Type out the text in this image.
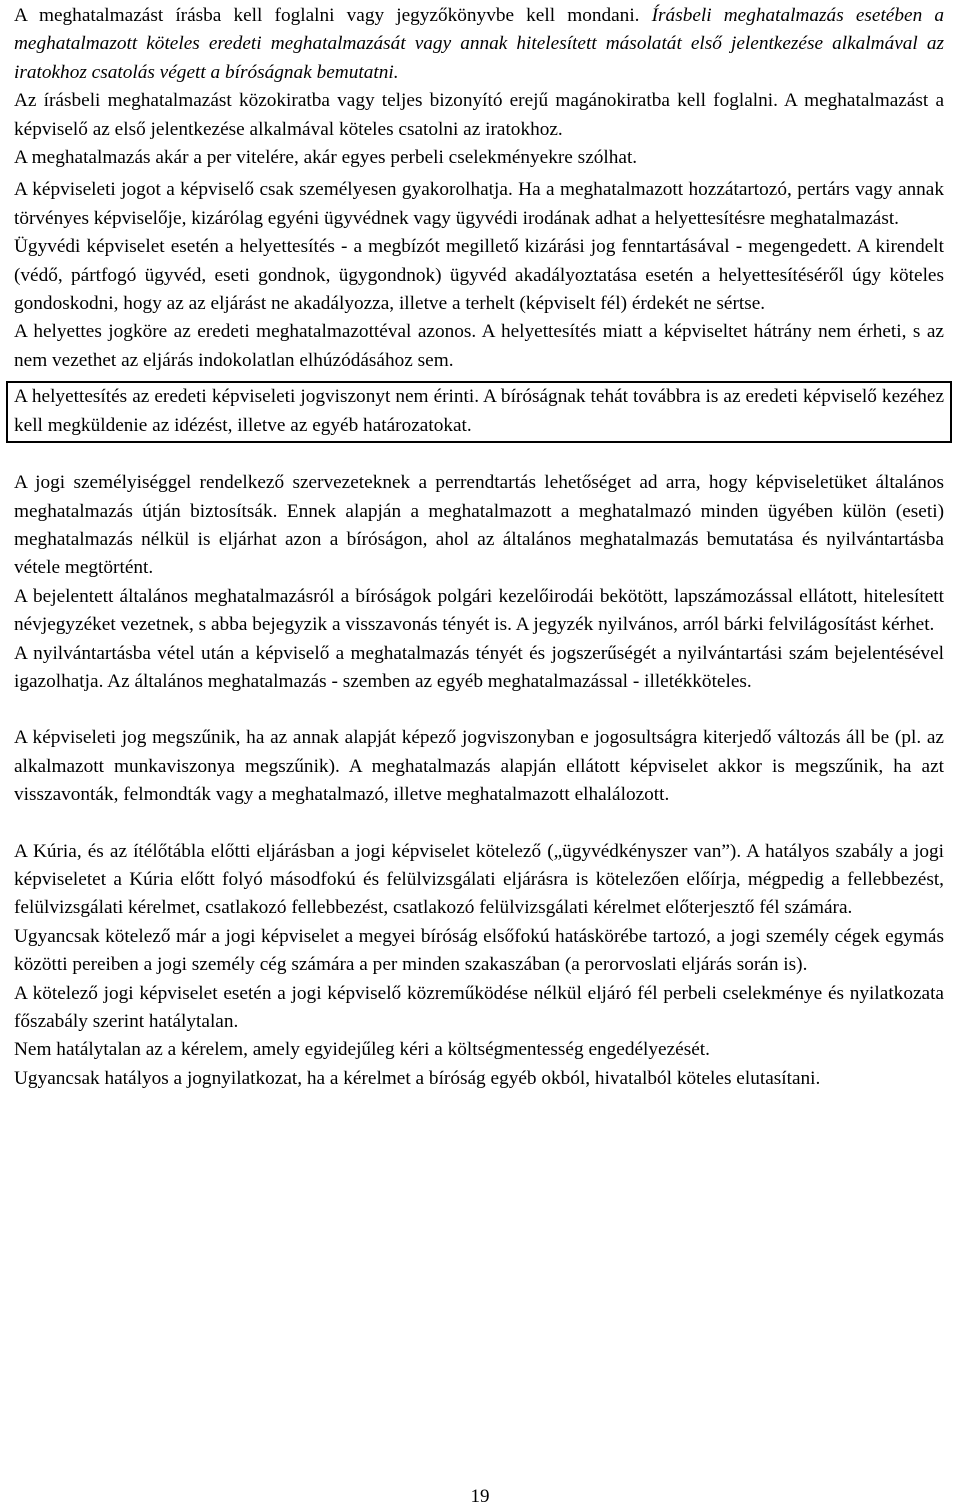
A meghatalmazást írásba kell foglalni vagy jegyzőkönyvbe kell mondani. Írásbeli meghatalmazás esetében a meghatalmazott köteles eredeti meghatalmazását vagy annak hitelesített másolatát első jelentkezése alkalmával az iratokhoz csatolás végett a bíróságnak bemutatni.

Az írásbeli meghatalmazást közokiratba vagy teljes bizonyító erejű magánokiratba kell foglalni. A meghatalmazást a képviselő az első jelentkezése alkalmával köteles csatolni az iratokhoz.

A meghatalmazás akár a per vitelére, akár egyes perbeli cselekményekre szólhat.

A képviseleti jogot a képviselő csak személyesen gyakorolhatja. Ha a meghatalmazott hozzátartozó, pertárs vagy annak törvényes képviselője, kizárólag egyéni ügyvédnek vagy ügyvédi irodának adhat a helyettesítésre meghatalmazást.

Ügyvédi képviselet esetén a helyettesítés - a megbízót megillető kizárási jog fenntartásával - megengedett. A kirendelt (védő, pártfogó ügyvéd, eseti gondnok, ügygondnok) ügyvéd akadályoztatása esetén a helyettesítéséről úgy köteles gondoskodni, hogy az az eljárást ne akadályozza, illetve a terhelt (képviselt fél) érdekét ne sértse.

A helyettes jogköre az eredeti meghatalmazottéval azonos. A helyettesítés miatt a képviseltet hátrány nem érheti, s az nem vezethet az eljárás indokolatlan elhúzódásához sem.

A helyettesítés az eredeti képviseleti jogviszonyt nem érinti. A bíróságnak tehát továbbra is az eredeti képviselő kezéhez kell megküldenie az idézést, illetve az egyéb határozatokat.

A jogi személyiséggel rendelkező szervezeteknek a perrendtartás lehetőséget ad arra, hogy képviseletüket általános meghatalmazás útján biztosítsák. Ennek alapján a meghatalmazott a meghatalmazó minden ügyében külön (eseti) meghatalmazás nélkül is eljárhat azon a bíróságon, ahol az általános meghatalmazás bemutatása és nyilvántartásba vétele megtörtént.

A bejelentett általános meghatalmazásról a bíróságok polgári kezelőirodái bekötött, lapszámozással ellátott, hitelesített névjegyzéket vezetnek, s abba bejegyzik a visszavonás tényét is. A jegyzék nyilvános, arról bárki felvilágosítást kérhet.

A nyilvántartásba vétel után a képviselő a meghatalmazás tényét és jogszerűségét a nyilvántartási szám bejelentésével igazolhatja. Az általános meghatalmazás - szemben az egyéb meghatalmazással - illetékköteles.

A képviseleti jog megszűnik, ha az annak alapját képező jogviszonyban e jogosultságra kiterjedő változás áll be (pl. az alkalmazott munkaviszonya megszűnik). A meghatalmazás alapján ellátott képviselet akkor is megszűnik, ha azt visszavonták, felmondták vagy a meghatalmazó, illetve meghatalmazott elhalálozott.

A Kúria, és az ítélőtábla előtti eljárásban a jogi képviselet kötelező („ügyvédkényszer van”). A hatályos szabály a jogi képviseletet a Kúria előtt folyó másodfokú és felülvizsgálati eljárásra is kötelezően előírja, mégpedig a fellebbezést, felülvizsgálati kérelmet, csatlakozó fellebbezést, csatlakozó felülvizsgálati kérelmet előterjesztő fél számára.

Ugyancsak kötelező már a jogi képviselet a megyei bíróság elsőfokú hatáskörébe tartozó, a jogi személy cégek egymás közötti pereiben a jogi személy cég számára a per minden szakaszában (a perorvoslati eljárás során is).

A kötelező jogi képviselet esetén a jogi képviselő közreműködése nélkül eljáró fél perbeli cselekménye és nyilatkozata főszabály szerint hatálytalan.

Nem hatálytalan az a kérelem, amely egyidejűleg kéri a költségmentesség engedélyezését.

Ugyancsak hatályos a jognyilatkozat, ha a kérelmet a bíróság egyéb okból, hivatalból köteles elutasítani.

19
